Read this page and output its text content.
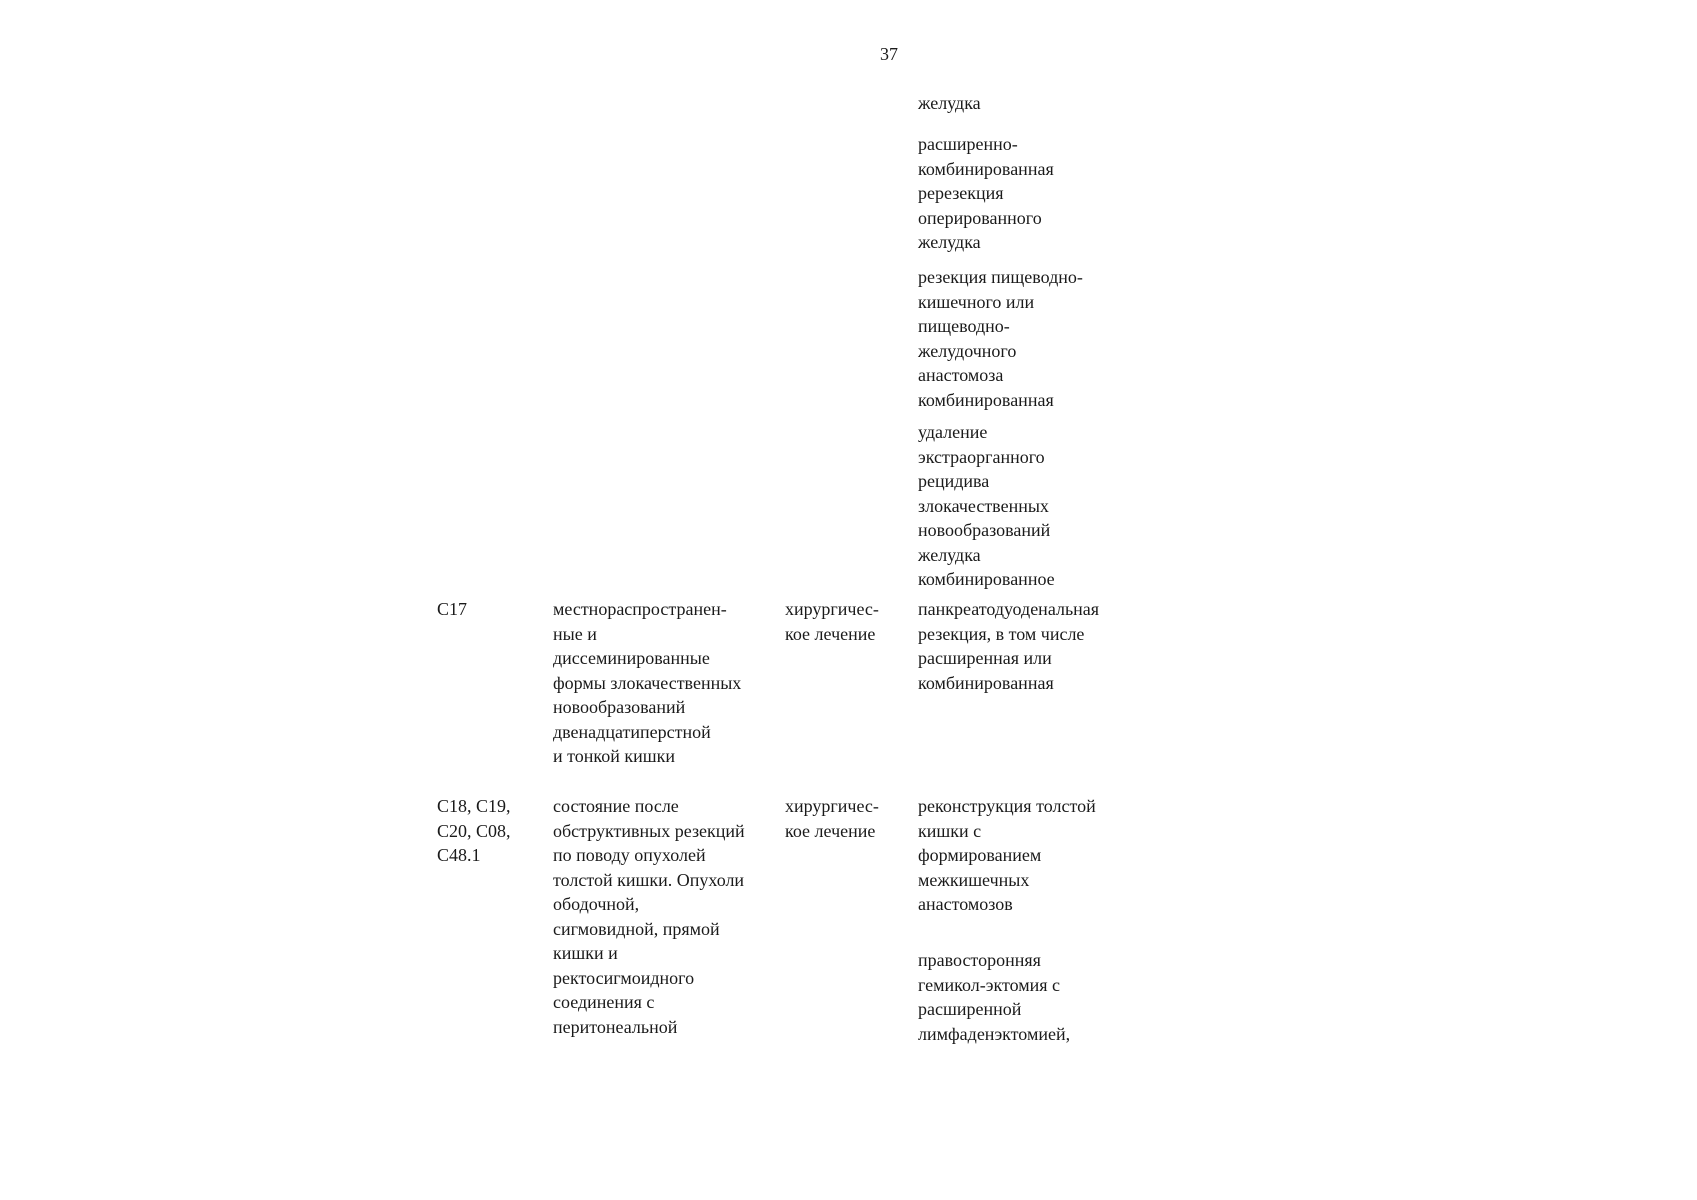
37
желудка
расширенно-
комбинированная
ререзекция
оперированного
желудка
резекция пищеводно-
кишечного или
пищеводно-
желудочного
анастомоза
комбинированная
удаление
экстраорганного
рецидива
злокачественных
новообразований
желудка
комбинированное
C17	местнораспространен-
ные и
диссеминированные
формы злокачественных
новообразований
двенадцатиперстной
и тонкой кишки
хирургичес-
кое лечение
панкреатодуоденальная
резекция, в том числе
расширенная или
комбинированная
C18, C19,
C20, C08,
C48.1
состояние после
обструктивных резекций
по поводу опухолей
толстой кишки. Опухоли
ободочной,
сигмовидной, прямой
кишки и
ректосигмоидного
соединения с
перитонеальной
хирургичес-
кое лечение
реконструкция толстой
кишки с
формированием
межкишечных
анастомозов
правосторонняя
гемикол-эктомия с
расширенной
лимфаденэктомией,
